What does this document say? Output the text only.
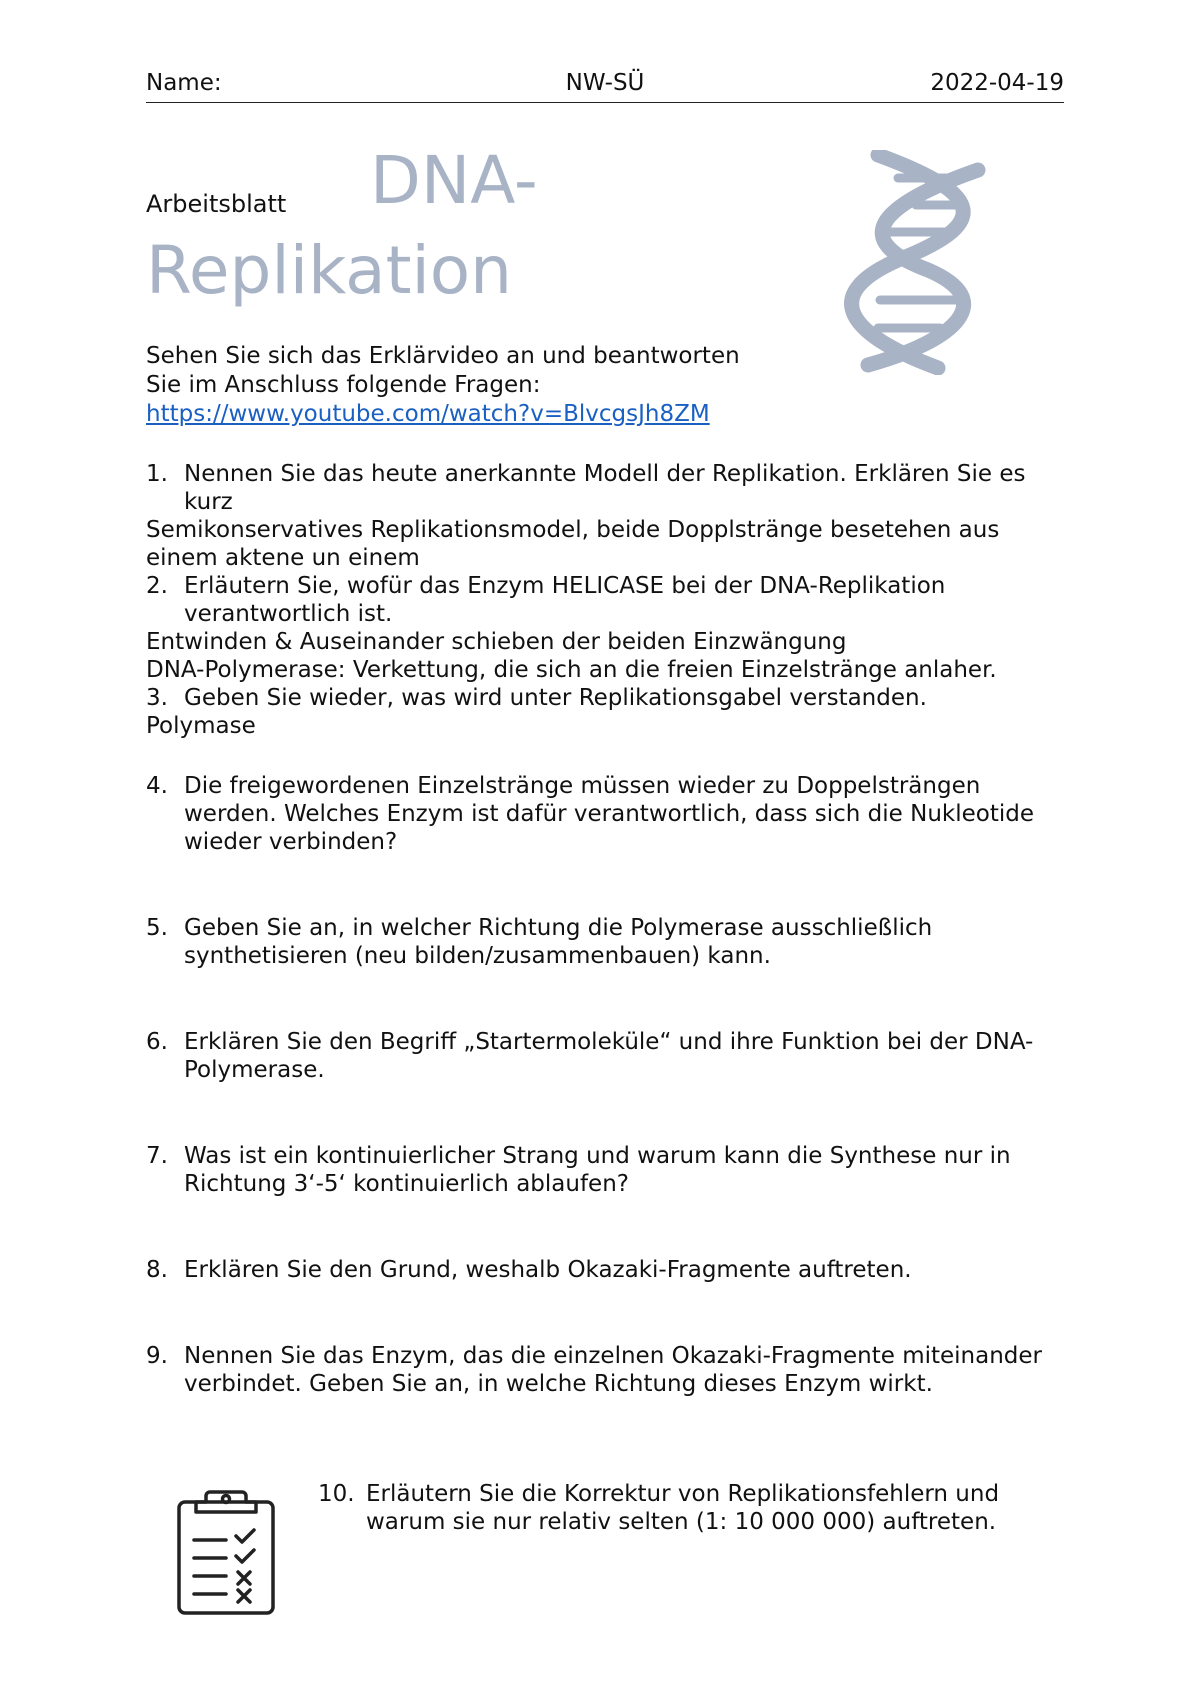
Name:	NW-SÜ	2022-04-19
Arbeitsblatt DNA-
Replikation
Sehen Sie sich das Erklärvideo an und beantworten
Sie im Anschluss folgende Fragen:
https://www.youtube.com/watch?v=BlvcgsJh8ZM
1. Nennen Sie das heute anerkannte Modell der Replikation. Erklären Sie es kurz
Semikonservatives Replikationsmodel, beide Dopplstränge besetehen aus einem aktene un einem
2. Erläutern Sie, wofür das Enzym HELICASE bei der DNA-Replikation verantwortlich ist.
Entwinden & Auseinander schieben der beiden Einzwängung
DNA-Polymerase: Verkettung, die sich an die freien Einzelstränge anlaher.
3. Geben Sie wieder, was wird unter Replikationsgabel verstanden.
Polymase
4. Die freigewordenen Einzelstränge müssen wieder zu Doppelsträngen werden. Welches Enzym ist dafür verantwortlich, dass sich die Nukleotide wieder verbinden?
5. Geben Sie an, in welcher Richtung die Polymerase ausschließlich synthetisieren (neu bilden/zusammenbauen) kann.
6. Erklären Sie den Begriff „Startermoleküle“ und ihre Funktion bei der DNA-Polymerase.
7. Was ist ein kontinuierlicher Strang und warum kann die Synthese nur in Richtung 3‘-5‘ kontinuierlich ablaufen?
8. Erklären Sie den Grund, weshalb Okazaki-Fragmente auftreten.
9. Nennen Sie das Enzym, das die einzelnen Okazaki-Fragmente miteinander verbindet. Geben Sie an, in welche Richtung dieses Enzym wirkt.
10. Erläutern Sie die Korrektur von Replikationsfehlern und warum sie nur relativ selten (1: 10 000 000) auftreten.
